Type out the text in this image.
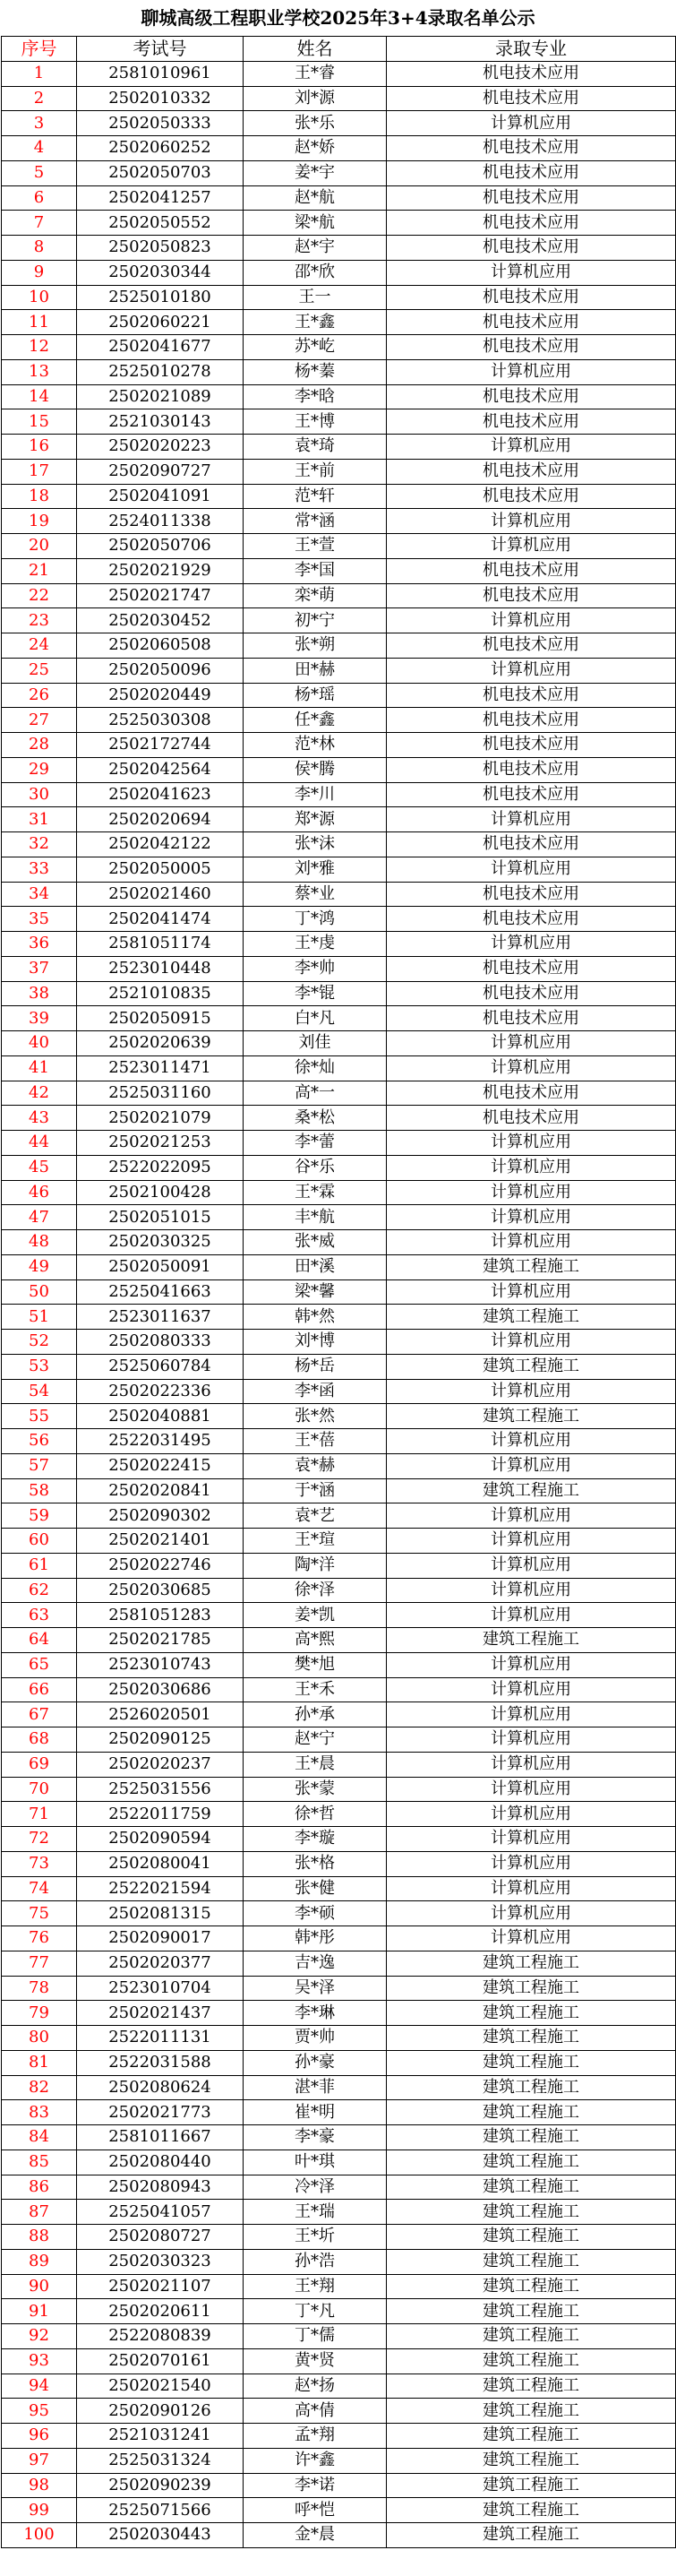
聊城高级工程职业学校2025年3+4录取名单公示
序号	考试号	姓名	录取专业
1	2581010961	王*睿	机电技术应用
2	2502010332	刘*源	机电技术应用
3	2502050333	张*乐	计算机应用
4	2502060252	赵*娇	机电技术应用
5	2502050703	姜*宇	机电技术应用
6	2502041257	赵*航	机电技术应用
7	2502050552	梁*航	机电技术应用
8	2502050823	赵*宇	机电技术应用
9	2502030344	邵*欣	计算机应用
10	2525010180	王一	机电技术应用
11	2502060221	王*鑫	机电技术应用
12	2502041677	苏*屹	机电技术应用
13	2525010278	杨*蓁	计算机应用
14	2502021089	李*晗	机电技术应用
15	2521030143	王*博	机电技术应用
16	2502020223	袁*琦	计算机应用
17	2502090727	王*前	机电技术应用
18	2502041091	范*轩	机电技术应用
19	2524011338	常*涵	计算机应用
20	2502050706	王*萱	计算机应用
21	2502021929	李*国	机电技术应用
22	2502021747	栾*萌	机电技术应用
23	2502030452	初*宁	计算机应用
24	2502060508	张*朔	机电技术应用
25	2502050096	田*赫	计算机应用
26	2502020449	杨*瑶	机电技术应用
27	2525030308	任*鑫	机电技术应用
28	2502172744	范*林	机电技术应用
29	2502042564	侯*腾	机电技术应用
30	2502041623	李*川	机电技术应用
31	2502020694	郑*源	计算机应用
32	2502042122	张*沫	机电技术应用
33	2502050005	刘*雅	计算机应用
34	2502021460	蔡*业	机电技术应用
35	2502041474	丁*鸿	机电技术应用
36	2581051174	王*虔	计算机应用
37	2523010448	李*帅	机电技术应用
38	2521010835	李*锟	机电技术应用
39	2502050915	白*凡	机电技术应用
40	2502020639	刘佳	计算机应用
41	2523011471	徐*灿	计算机应用
42	2525031160	高*一	机电技术应用
43	2502021079	桑*松	机电技术应用
44	2502021253	李*蕾	计算机应用
45	2522022095	谷*乐	计算机应用
46	2502100428	王*霖	计算机应用
47	2502051015	丰*航	计算机应用
48	2502030325	张*威	计算机应用
49	2502050091	田*溪	建筑工程施工
50	2525041663	梁*馨	计算机应用
51	2523011637	韩*然	建筑工程施工
52	2502080333	刘*博	计算机应用
53	2525060784	杨*岳	建筑工程施工
54	2502022336	李*函	计算机应用
55	2502040881	张*然	建筑工程施工
56	2522031495	王*蓓	计算机应用
57	2502022415	袁*赫	计算机应用
58	2502020841	于*涵	建筑工程施工
59	2502090302	袁*艺	计算机应用
60	2502021401	王*瑄	计算机应用
61	2502022746	陶*洋	计算机应用
62	2502030685	徐*泽	计算机应用
63	2581051283	姜*凯	计算机应用
64	2502021785	高*熙	建筑工程施工
65	2523010743	樊*旭	计算机应用
66	2502030686	王*禾	计算机应用
67	2526020501	孙*承	计算机应用
68	2502090125	赵*宁	计算机应用
69	2502020237	王*晨	计算机应用
70	2525031556	张*蒙	计算机应用
71	2522011759	徐*哲	计算机应用
72	2502090594	李*璇	计算机应用
73	2502080041	张*格	计算机应用
74	2522021594	张*健	计算机应用
75	2502081315	李*硕	计算机应用
76	2502090017	韩*彤	计算机应用
77	2502020377	吉*逸	建筑工程施工
78	2523010704	吴*泽	建筑工程施工
79	2502021437	李*琳	建筑工程施工
80	2522011131	贾*帅	建筑工程施工
81	2522031588	孙*豪	建筑工程施工
82	2502080624	湛*菲	建筑工程施工
83	2502021773	崔*明	建筑工程施工
84	2581011667	李*豪	建筑工程施工
85	2502080440	叶*琪	建筑工程施工
86	2502080943	冷*泽	建筑工程施工
87	2525041057	王*瑞	建筑工程施工
88	2502080727	王*圻	建筑工程施工
89	2502030323	孙*浩	建筑工程施工
90	2502021107	王*翔	建筑工程施工
91	2502020611	丁*凡	建筑工程施工
92	2522080839	丁*儒	建筑工程施工
93	2502070161	黄*贤	建筑工程施工
94	2502021540	赵*扬	建筑工程施工
95	2502090126	高*倩	建筑工程施工
96	2521031241	孟*翔	建筑工程施工
97	2525031324	许*鑫	建筑工程施工
98	2502090239	李*诺	建筑工程施工
99	2525071566	呼*恺	建筑工程施工
100	2502030443	金*晨	建筑工程施工
